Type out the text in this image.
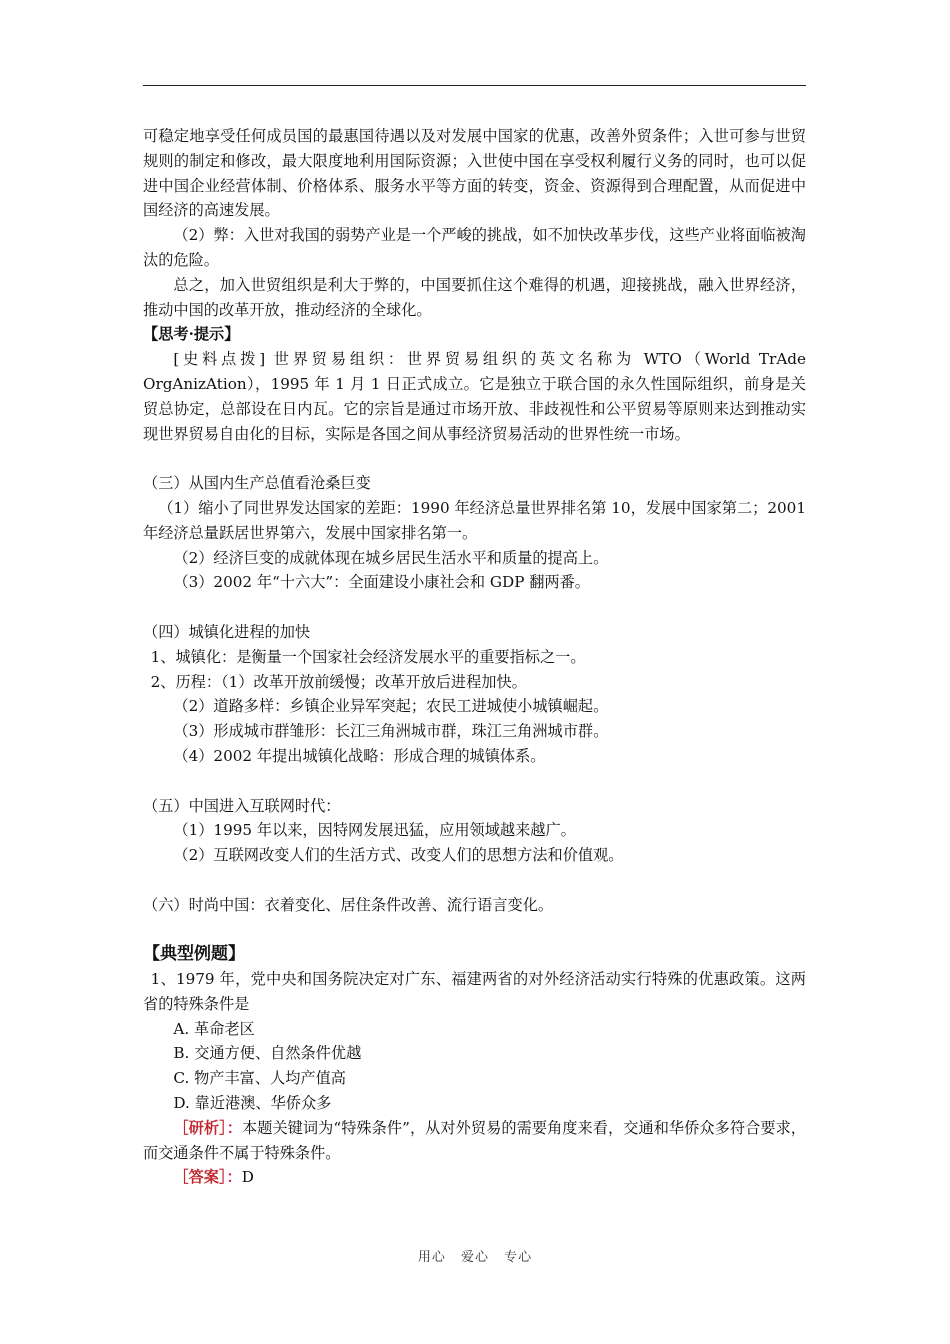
可稳定地享受任何成员国的最惠国待遇以及对发展中国家的优惠，改善外贸条件；入世可参与世贸规则的制定和修改，最大限度地利用国际资源；入世使中国在享受权利履行义务的同时，也可以促进中国企业经营体制、价格体系、服务水平等方面的转变，资金、资源得到合理配置，从而促进中国经济的高速发展。

（2）弊：入世对我国的弱势产业是一个严峻的挑战，如不加快改革步伐，这些产业将面临被淘汰的危险。

总之，加入世贸组织是利大于弊的，中国要抓住这个难得的机遇，迎接挑战，融入世界经济，推动中国的改革开放，推动经济的全球化。

【思考·提示】

[史料点拨] 世界贸易组织：世界贸易组织的英文名称为 WTO（World TrAde OrgAnizAtion），1995 年 1 月 1 日正式成立。它是独立于联合国的永久性国际组织，前身是关贸总协定，总部设在日内瓦。它的宗旨是通过市场开放、非歧视性和公平贸易等原则来达到推动实现世界贸易自由化的目标，实际是各国之间从事经济贸易活动的世界性统一市场。

（三）从国内生产总值看沧桑巨变

（1）缩小了同世界发达国家的差距：1990 年经济总量世界排名第 10，发展中国家第二；2001 年经济总量跃居世界第六，发展中国家排名第一。

（2）经济巨变的成就体现在城乡居民生活水平和质量的提高上。

（3）2002 年“十六大”：全面建设小康社会和 GDP 翻两番。

（四）城镇化进程的加快

1、城镇化：是衡量一个国家社会经济发展水平的重要指标之一。

2、历程：（1）改革开放前缓慢；改革开放后进程加快。

（2）道路多样：乡镇企业异军突起；农民工进城使小城镇崛起。

（3）形成城市群雏形：长江三角洲城市群，珠江三角洲城市群。

（4）2002 年提出城镇化战略：形成合理的城镇体系。

（五）中国进入互联网时代：

（1）1995 年以来，因特网发展迅猛，应用领域越来越广。

（2）互联网改变人们的生活方式、改变人们的思想方法和价值观。

（六）时尚中国：衣着变化、居住条件改善、流行语言变化。

【典型例题】

1、1979 年，党中央和国务院决定对广东、福建两省的对外经济活动实行特殊的优惠政策。这两省的特殊条件是

A. 革命老区

B. 交通方便、自然条件优越

C. 物产丰富、人均产值高

D. 靠近港澳、华侨众多

［研析］：本题关键词为“特殊条件”，从对外贸易的需要角度来看，交通和华侨众多符合要求，而交通条件不属于特殊条件。

［答案］：D

用心 爱心 专心
